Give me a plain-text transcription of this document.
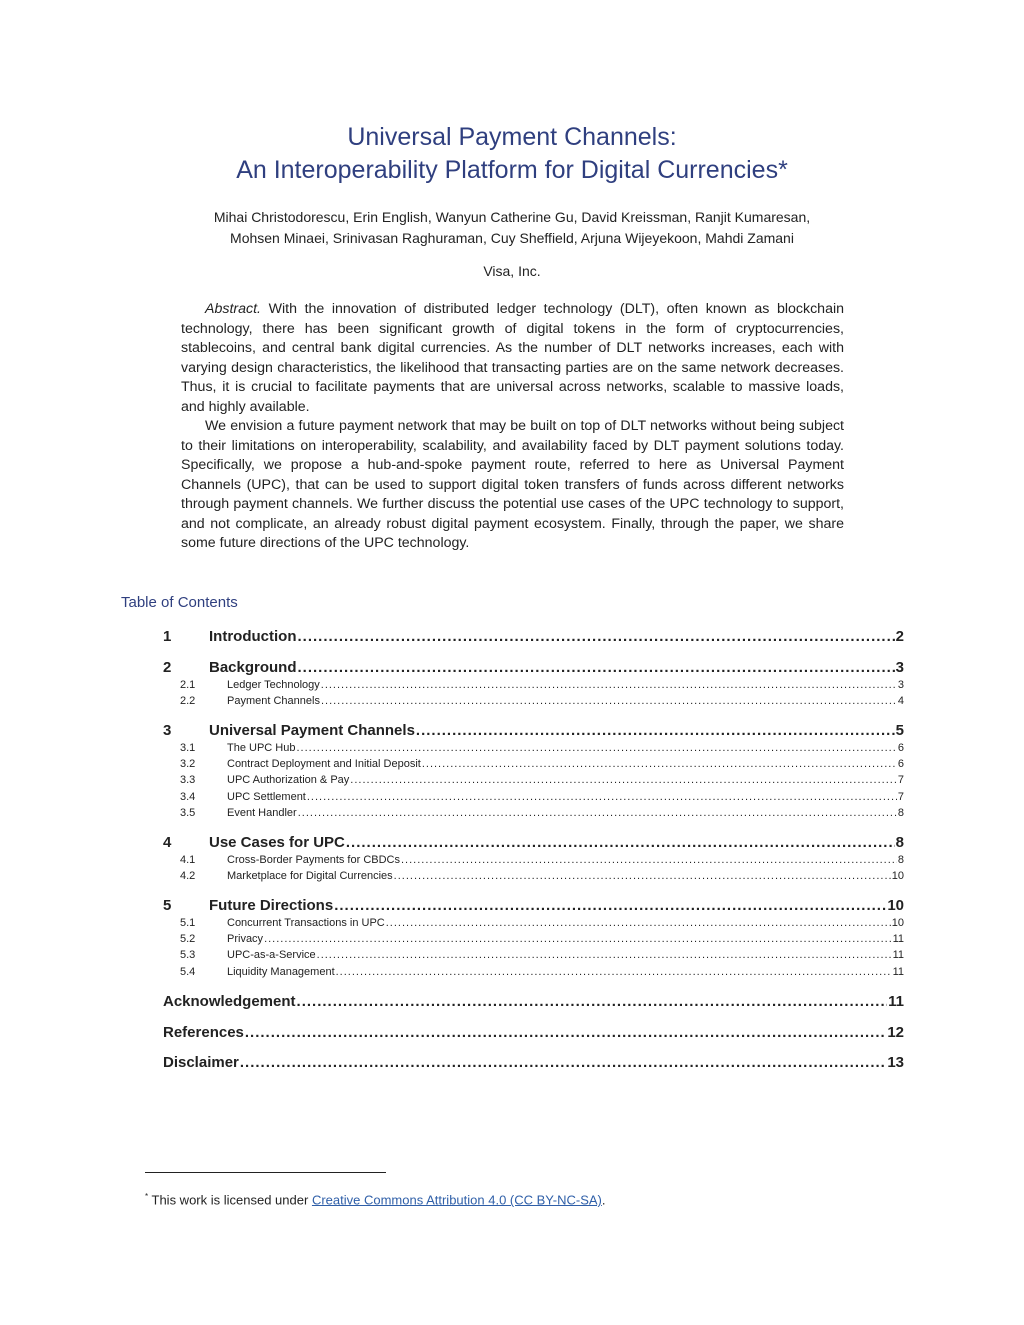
Universal Payment Channels:
An Interoperability Platform for Digital Currencies*
Mihai Christodorescu, Erin English, Wanyun Catherine Gu, David Kreissman, Ranjit Kumaresan,
Mohsen Minaei, Srinivasan Raghuraman, Cuy Sheffield, Arjuna Wijeyekoon, Mahdi Zamani
Visa, Inc.

Abstract. With the innovation of distributed ledger technology (DLT), often known as blockchain technology, there has been significant growth of digital tokens in the form of cryptocurrencies, stablecoins, and central bank digital currencies. As the number of DLT networks increases, each with varying design characteristics, the likelihood that transacting parties are on the same network decreases. Thus, it is crucial to facilitate payments that are universal across networks, scalable to massive loads, and highly available.

We envision a future payment network that may be built on top of DLT networks without being subject to their limitations on interoperability, scalability, and availability faced by DLT payment solutions today. Specifically, we propose a hub-and-spoke payment route, referred to here as Universal Payment Channels (UPC), that can be used to support digital token transfers of funds across different networks through payment channels. We further discuss the potential use cases of the UPC technology to support, and not complicate, an already robust digital payment ecosystem. Finally, through the paper, we share some future directions of the UPC technology.

Table of Contents
1	Introduction .....	2
2	Background .....	3
2.1	Ledger Technology .....	3
2.2	Payment Channels .....	4
3	Universal Payment Channels .....	5
3.1	The UPC Hub .....	6
3.2	Contract Deployment and Initial Deposit .....	6
3.3	UPC Authorization & Pay .....	7
3.4	UPC Settlement .....	7
3.5	Event Handler .....	8
4	Use Cases for UPC .....	8
4.1	Cross-Border Payments for CBDCs .....	8
4.2	Marketplace for Digital Currencies .....	10
5	Future Directions .....	10
5.1	Concurrent Transactions in UPC .....	10
5.2	Privacy .....	11
5.3	UPC-as-a-Service .....	11
5.4	Liquidity Management .....	11
Acknowledgement .....	11
References .....	12
Disclaimer .....	13
* This work is licensed under Creative Commons Attribution 4.0 (CC BY-NC-SA).
